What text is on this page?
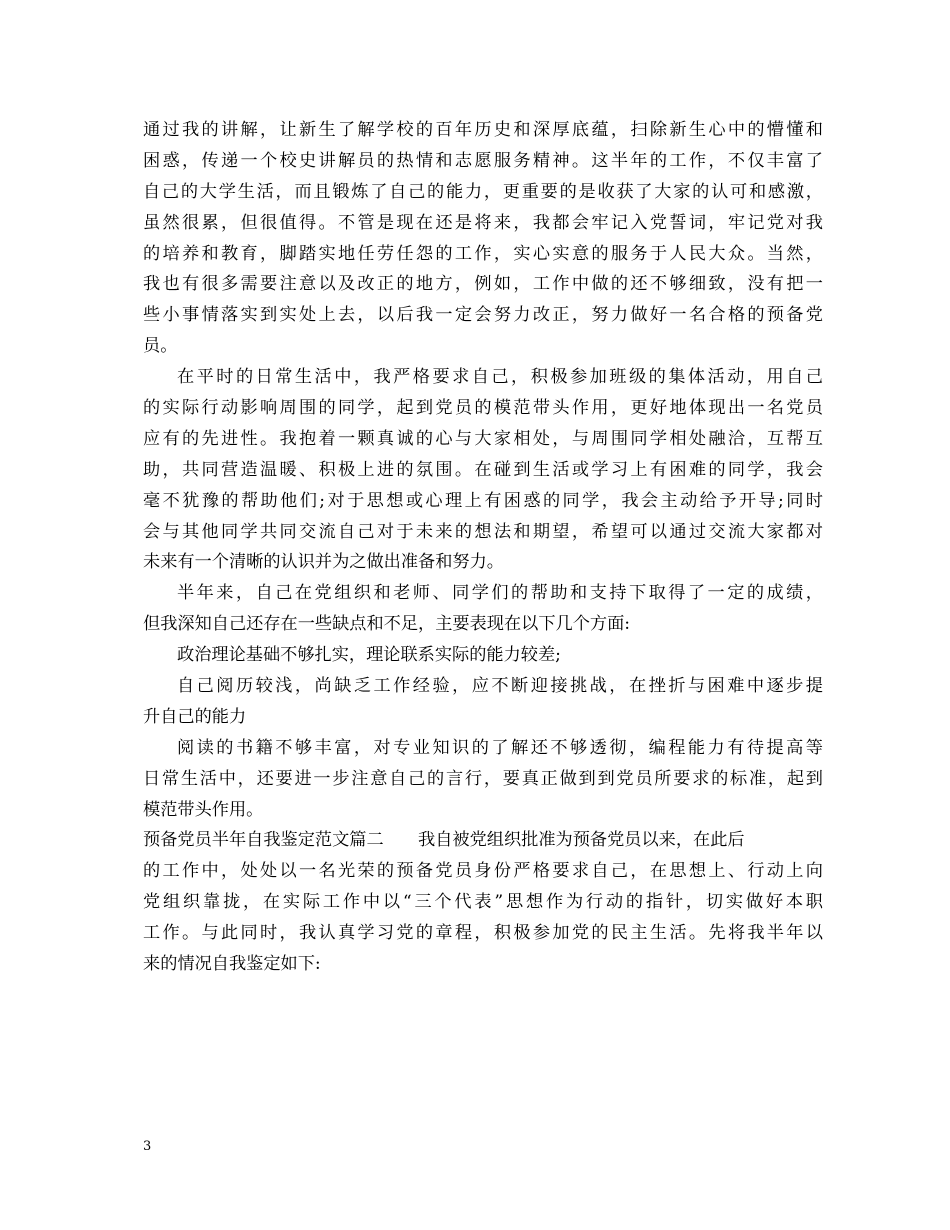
通过我的讲解，让新生了解学校的百年历史和深厚底蕴，扫除新生心中的懵懂和
困惑，传递一个校史讲解员的热情和志愿服务精神。这半年的工作，不仅丰富了
自己的大学生活，而且锻炼了自己的能力，更重要的是收获了大家的认可和感激，
虽然很累，但很值得。不管是现在还是将来，我都会牢记入党誓词，牢记党对我
的培养和教育，脚踏实地任劳任怨的工作，实心实意的服务于人民大众。当然，
我也有很多需要注意以及改正的地方，例如，工作中做的还不够细致，没有把一
些小事情落实到实处上去，以后我一定会努力改正，努力做好一名合格的预备党
员。
在平时的日常生活中，我严格要求自己，积极参加班级的集体活动，用自己
的实际行动影响周围的同学，起到党员的模范带头作用，更好地体现出一名党员
应有的先进性。我抱着一颗真诚的心与大家相处，与周围同学相处融洽，互帮互
助，共同营造温暖、积极上进的氛围。在碰到生活或学习上有困难的同学，我会
毫不犹豫的帮助他们;对于思想或心理上有困惑的同学，我会主动给予开导;同时
会与其他同学共同交流自己对于未来的想法和期望，希望可以通过交流大家都对
未来有一个清晰的认识并为之做出准备和努力。
半年来，自己在党组织和老师、同学们的帮助和支持下取得了一定的成绩，
但我深知自己还存在一些缺点和不足，主要表现在以下几个方面:
政治理论基础不够扎实，理论联系实际的能力较差;
自己阅历较浅，尚缺乏工作经验，应不断迎接挑战，在挫折与困难中逐步提
升自己的能力
阅读的书籍不够丰富，对专业知识的了解还不够透彻，编程能力有待提高等
日常生活中，还要进一步注意自己的言行，要真正做到到党员所要求的标准，起到
模范带头作用。
预备党员半年自我鉴定范文篇二　　我自被党组织批准为预备党员以来，在此后
的工作中，处处以一名光荣的预备党员身份严格要求自己，在思想上、行动上向
党组织靠拢，在实际工作中以“三个代表”思想作为行动的指针，切实做好本职
工作。与此同时，我认真学习党的章程，积极参加党的民主生活。先将我半年以
来的情况自我鉴定如下:
3
